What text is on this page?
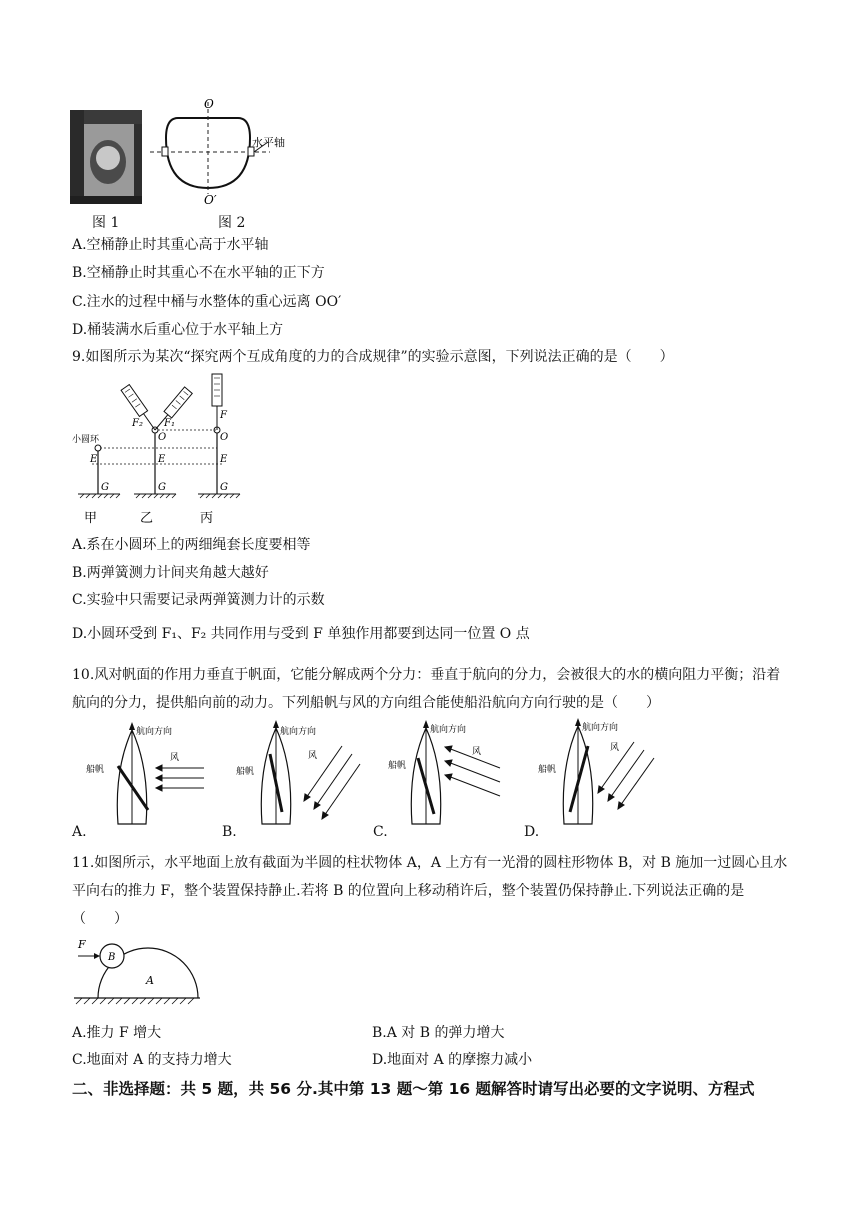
图 1
O
O′
水平轴
图 2
A.空桶静止时其重心高于水平轴
B.空桶静止时其重心不在水平轴的正下方
C.注水的过程中桶与水整体的重心远离 OO′
D.桶装满水后重心位于水平轴上方
9.如图所示为某次“探究两个互成角度的力的合成规律”的实验示意图，下列说法正确的是（　　）
小圆环
F₂ F₁
F
O	O
E	E	E
G	G	G
甲	乙	丙
A.系在小圆环上的两细绳套长度要相等
B.两弹簧测力计间夹角越大越好
C.实验中只需要记录两弹簧测力计的示数
D.小圆环受到 F₁、F₂ 共同作用与受到 F 单独作用都要到达同一位置 O 点
10.风对帆面的作用力垂直于帆面，它能分解成两个分力：垂直于航向的分力，会被很大的水的横向阻力平衡；沿着航向的分力，提供船向前的动力。下列船帆与风的方向组合能使船沿航向方向行驶的是（　　）
航向方向
风
船帆
A.
航向方向
风
船帆
B.
航向方向
风
船帆
C.
航向方向
风
船帆
D.
11.如图所示，水平地面上放有截面为半圆的柱状物体 A，A 上方有一光滑的圆柱形物体 B，对 B 施加一过圆心且水平向右的推力 F，整个装置保持静止.若将 B 的位置向上移动稍许后，整个装置仍保持静止.下列说法正确的是（　　）
F
B
A
A.推力 F 增大	B.A 对 B 的弹力增大
C.地面对 A 的支持力增大	D.地面对 A 的摩擦力减小
二、非选择题：共 5 题，共 56 分.其中第 13 题～第 16 题解答时请写出必要的文字说明、方程式
